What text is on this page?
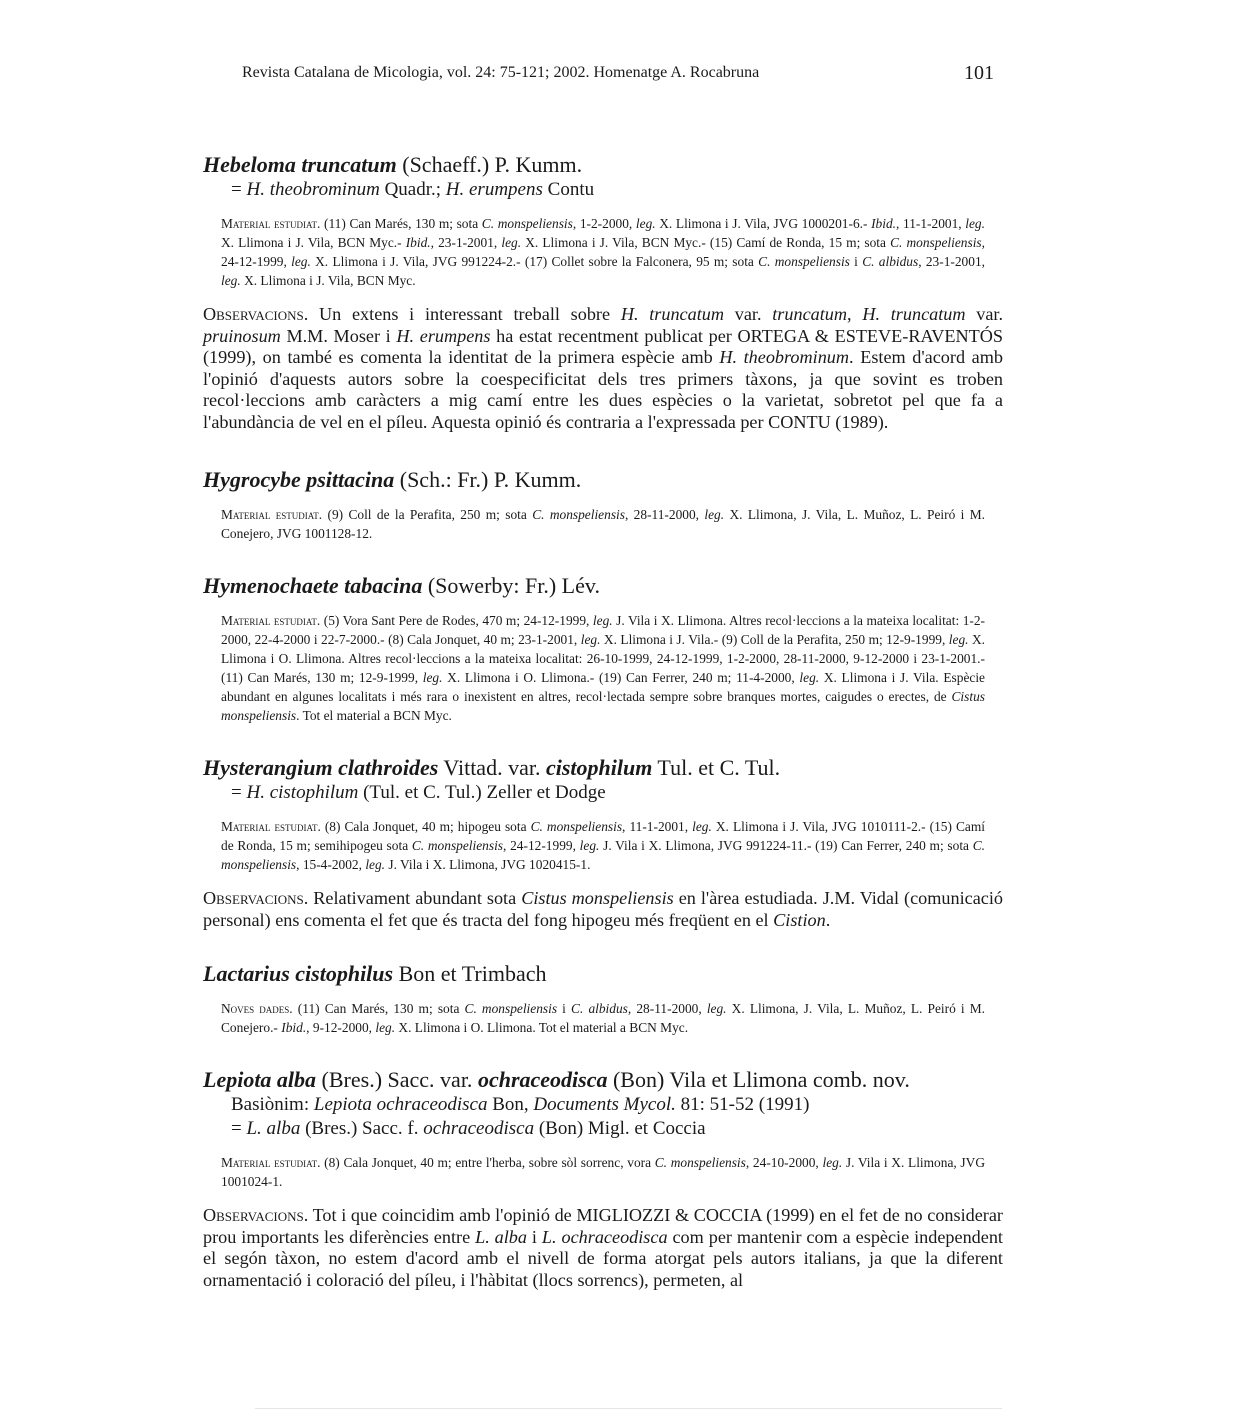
Revista Catalana de Micologia, vol. 24: 75-121; 2002. Homenatge A. Rocabruna	101

Hebeloma truncatum (Schaeff.) P. Kumm.

= H. theobrominum Quadr.; H. erumpens Contu

Material estudiat. (11) Can Marés, 130 m; sota C. monspeliensis, 1-2-2000, leg. X. Llimona i J. Vila, JVG 1000201-6.- Ibid., 11-1-2001, leg. X. Llimona i J. Vila, BCN Myc.- Ibid., 23-1-2001, leg. X. Llimona i J. Vila, BCN Myc.- (15) Camí de Ronda, 15 m; sota C. monspeliensis, 24-12-1999, leg. X. Llimona i J. Vila, JVG 991224-2.- (17) Collet sobre la Falconera, 95 m; sota C. monspeliensis i C. albidus, 23-1-2001, leg. X. Llimona i J. Vila, BCN Myc.

Observacions. Un extens i interessant treball sobre H. truncatum var. truncatum, H. truncatum var. pruinosum M.M. Moser i H. erumpens ha estat recentment publicat per ORTEGA & ESTEVE-RAVENTÓS (1999), on també es comenta la identitat de la primera espècie amb H. theobrominum. Estem d'acord amb l'opinió d'aquests autors sobre la coespecificitat dels tres primers tàxons, ja que sovint es troben recol·leccions amb caràcters a mig camí entre les dues espècies o la varietat, sobretot pel que fa a l'abundància de vel en el píleu. Aquesta opinió és contraria a l'expressada per CONTU (1989).

Hygrocybe psittacina (Sch.: Fr.) P. Kumm.

Material estudiat. (9) Coll de la Perafita, 250 m; sota C. monspeliensis, 28-11-2000, leg. X. Llimona, J. Vila, L. Muñoz, L. Peiró i M. Conejero, JVG 1001128-12.

Hymenochaete tabacina (Sowerby: Fr.) Lév.

Material estudiat. (5) Vora Sant Pere de Rodes, 470 m; 24-12-1999, leg. J. Vila i X. Llimona. Altres recol·leccions a la mateixa localitat: 1-2-2000, 22-4-2000 i 22-7-2000.- (8) Cala Jonquet, 40 m; 23-1-2001, leg. X. Llimona i J. Vila.- (9) Coll de la Perafita, 250 m; 12-9-1999, leg. X. Llimona i O. Llimona. Altres recol·leccions a la mateixa localitat: 26-10-1999, 24-12-1999, 1-2-2000, 28-11-2000, 9-12-2000 i 23-1-2001.- (11) Can Marés, 130 m; 12-9-1999, leg. X. Llimona i O. Llimona.- (19) Can Ferrer, 240 m; 11-4-2000, leg. X. Llimona i J. Vila. Espècie abundant en algunes localitats i més rara o inexistent en altres, recol·lectada sempre sobre branques mortes, caigudes o erectes, de Cistus monspeliensis. Tot el material a BCN Myc.

Hysterangium clathroides Vittad. var. cistophilum Tul. et C. Tul.

= H. cistophilum (Tul. et C. Tul.) Zeller et Dodge

Material estudiat. (8) Cala Jonquet, 40 m; hipogeu sota C. monspeliensis, 11-1-2001, leg. X. Llimona i J. Vila, JVG 1010111-2.- (15) Camí de Ronda, 15 m; semihipogeu sota C. monspeliensis, 24-12-1999, leg. J. Vila i X. Llimona, JVG 991224-11.- (19) Can Ferrer, 240 m; sota C. monspeliensis, 15-4-2002, leg. J. Vila i X. Llimona, JVG 1020415-1.

Observacions. Relativament abundant sota Cistus monspeliensis en l'àrea estudiada. J.M. Vidal (comunicació personal) ens comenta el fet que és tracta del fong hipogeu més freqüent en el Cistion.

Lactarius cistophilus Bon et Trimbach

Noves dades. (11) Can Marés, 130 m; sota C. monspeliensis i C. albidus, 28-11-2000, leg. X. Llimona, J. Vila, L. Muñoz, L. Peiró i M. Conejero.- Ibid., 9-12-2000, leg. X. Llimona i O. Llimona. Tot el material a BCN Myc.

Lepiota alba (Bres.) Sacc. var. ochraceodisca (Bon) Vila et Llimona comb. nov.

Basiònim: Lepiota ochraceodisca Bon, Documents Mycol. 81: 51-52 (1991)

= L. alba (Bres.) Sacc. f. ochraceodisca (Bon) Migl. et Coccia

Material estudiat. (8) Cala Jonquet, 40 m; entre l'herba, sobre sòl sorrenc, vora C. monspeliensis, 24-10-2000, leg. J. Vila i X. Llimona, JVG 1001024-1.

Observacions. Tot i que coincidim amb l'opinió de MIGLIOZZI & COCCIA (1999) en el fet de no considerar prou importants les diferències entre L. alba i L. ochraceodisca com per mantenir com a espècie independent el segón tàxon, no estem d'acord amb el nivell de forma atorgat pels autors italians, ja que la diferent ornamentació i coloració del píleu, i l'hàbitat (llocs sorrencs), permeten, al
